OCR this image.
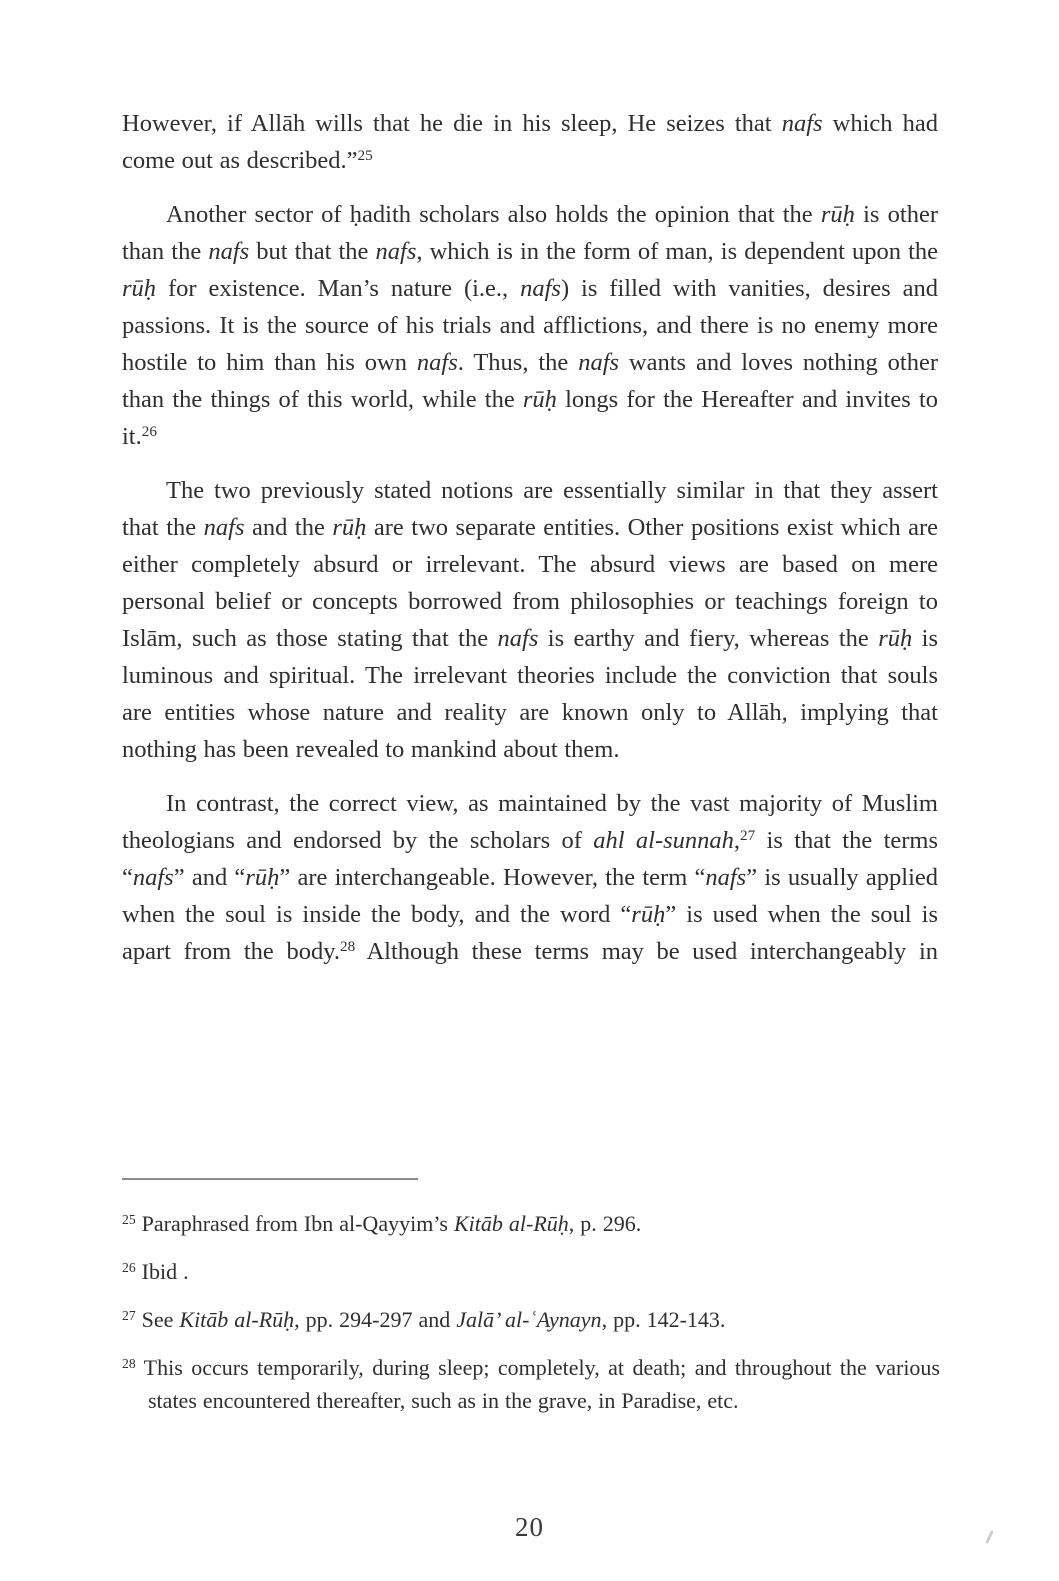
However, if Allāh wills that he die in his sleep, He seizes that nafs which had come out as described.”$^{25}$

Another sector of ḥadith scholars also holds the opinion that the rūḥ is other than the nafs but that the nafs, which is in the form of man, is dependent upon the rūḥ for existence. Man’s nature (i.e., nafs) is filled with vanities, desires and passions. It is the source of his trials and afflictions, and there is no enemy more hostile to him than his own nafs. Thus, the nafs wants and loves nothing other than the things of this world, while the rūḥ longs for the Hereafter and invites to it.$^{26}$

The two previously stated notions are essentially similar in that they assert that the nafs and the rūḥ are two separate entities. Other positions exist which are either completely absurd or irrelevant. The absurd views are based on mere personal belief or concepts borrowed from philosophies or teachings foreign to Islām, such as those stating that the nafs is earthy and fiery, whereas the rūḥ is luminous and spiritual. The irrelevant theories include the conviction that souls are entities whose nature and reality are known only to Allāh, implying that nothing has been revealed to mankind about them.

In contrast, the correct view, as maintained by the vast majority of Muslim theologians and endorsed by the scholars of ahl al-sunnah,$^{27}$ is that the terms “nafs” and “rūḥ” are interchangeable. However, the term “nafs” is usually applied when the soul is inside the body, and the word “rūḥ” is used when the soul is apart from the body.$^{28}$ Although these terms may be used interchangeably in

$^{25}$ Paraphrased from Ibn al-Qayyim’s Kitāb al-Rūḥ, p. 296.

$^{26}$ Ibid .

$^{27}$ See Kitāb al-Rūḥ, pp. 294-297 and Jalā’ al-ʿAynayn, pp. 142-143.

$^{28}$ This occurs temporarily, during sleep; completely, at death; and throughout the various states encountered thereafter, such as in the grave, in Paradise, etc.

20
